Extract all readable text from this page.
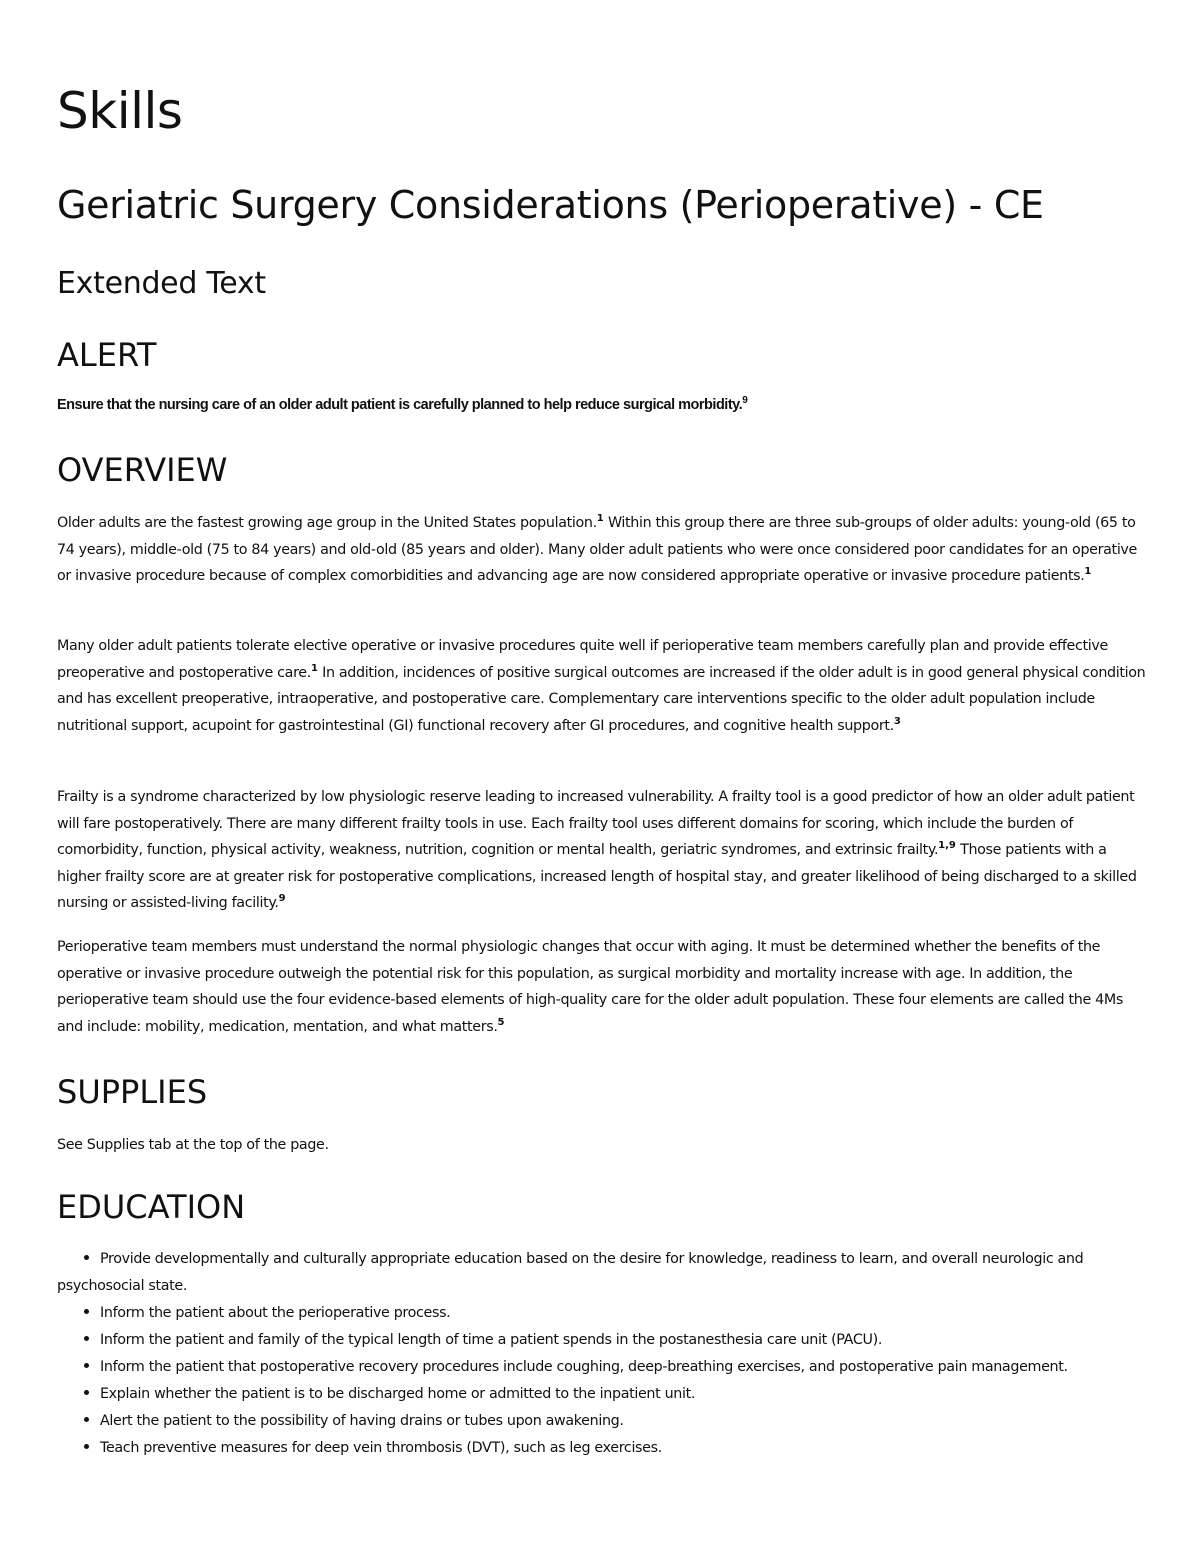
Skills
Geriatric Surgery Considerations (Perioperative) - CE
Extended Text
ALERT
Ensure that the nursing care of an older adult patient is carefully planned to help reduce surgical morbidity.$^9$
OVERVIEW

Older adults are the fastest growing age group in the United States population.$^1$ Within this group there are three sub-groups of older adults: young-old (65 to 74 years), middle-old (75 to 84 years) and old-old (85 years and older). Many older adult patients who were once considered poor candidates for an operative or invasive procedure because of complex comorbidities and advancing age are now considered appropriate operative or invasive procedure patients.$^1$

Many older adult patients tolerate elective operative or invasive procedures quite well if perioperative team members carefully plan and provide effective preoperative and postoperative care.$^1$ In addition, incidences of positive surgical outcomes are increased if the older adult is in good general physical condition and has excellent preoperative, intraoperative, and postoperative care. Complementary care interventions specific to the older adult population include nutritional support, acupoint for gastrointestinal (GI) functional recovery after GI procedures, and cognitive health support.$^3$

Frailty is a syndrome characterized by low physiologic reserve leading to increased vulnerability. A frailty tool is a good predictor of how an older adult patient will fare postoperatively. There are many different frailty tools in use. Each frailty tool uses different domains for scoring, which include the burden of comorbidity, function, physical activity, weakness, nutrition, cognition or mental health, geriatric syndromes, and extrinsic frailty.$^{1,9}$ Those patients with a higher frailty score are at greater risk for postoperative complications, increased length of hospital stay, and greater likelihood of being discharged to a skilled nursing or assisted-living facility.$^9$

Perioperative team members must understand the normal physiologic changes that occur with aging. It must be determined whether the benefits of the operative or invasive procedure outweigh the potential risk for this population, as surgical morbidity and mortality increase with age. In addition, the perioperative team should use the four evidence-based elements of high-quality care for the older adult population. These four elements are called the 4Ms and include: mobility, medication, mentation, and what matters.$^5$

SUPPLIES
See Supplies tab at the top of the page.
EDUCATION
Provide developmentally and culturally appropriate education based on the desire for knowledge, readiness to learn, and overall neurologic and psychosocial state.
Inform the patient about the perioperative process.
Inform the patient and family of the typical length of time a patient spends in the postanesthesia care unit (PACU).
Inform the patient that postoperative recovery procedures include coughing, deep-breathing exercises, and postoperative pain management.
Explain whether the patient is to be discharged home or admitted to the inpatient unit.
Alert the patient to the possibility of having drains or tubes upon awakening.
Teach preventive measures for deep vein thrombosis (DVT), such as leg exercises.
